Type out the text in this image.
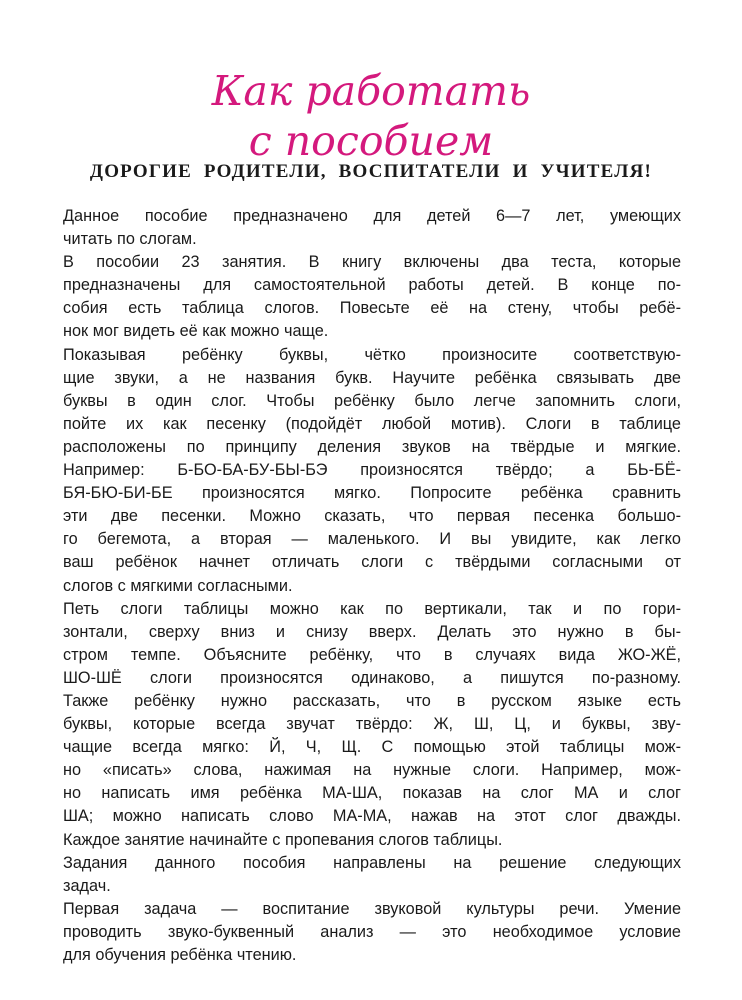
Как работать
с пособием
ДОРОГИЕ РОДИТЕЛИ, ВОСПИТАТЕЛИ И УЧИТЕЛЯ!
Данное пособие предназначено для детей 6—7 лет, умеющих
читать по слогам.
В пособии 23 занятия. В книгу включены два теста, которые
предназначены для самостоятельной работы детей. В конце по-
собия есть таблица слогов. Повесьте её на стену, чтобы ребё-
нок мог видеть её как можно чаще.
Показывая ребёнку буквы, чётко произносите соответствую-
щие звуки, а не названия букв. Научите ребёнка связывать две
буквы в один слог. Чтобы ребёнку было легче запомнить слоги,
пойте их как песенку (подойдёт любой мотив). Слоги в таблице
расположены по принципу деления звуков на твёрдые и мягкие.
Например: Б-БО-БА-БУ-БЫ-БЭ произносятся твёрдо; а БЬ-БЁ-
БЯ-БЮ-БИ-БЕ произносятся мягко. Попросите ребёнка сравнить
эти две песенки. Можно сказать, что первая песенка большо-
го бегемота, а вторая — маленького. И вы увидите, как легко
ваш ребёнок начнет отличать слоги с твёрдыми согласными от
слогов с мягкими согласными.
Петь слоги таблицы можно как по вертикали, так и по гори-
зонтали, сверху вниз и снизу вверх. Делать это нужно в бы-
стром темпе. Объясните ребёнку, что в случаях вида ЖО-ЖЁ,
ШО-ШЁ слоги произносятся одинаково, а пишутся по-разному.
Также ребёнку нужно рассказать, что в русском языке есть
буквы, которые всегда звучат твёрдо: Ж, Ш, Ц, и буквы, зву-
чащие всегда мягко: Й, Ч, Щ. С помощью этой таблицы мож-
но «писать» слова, нажимая на нужные слоги. Например, мож-
но написать имя ребёнка МА-ША, показав на слог МА и слог
ША; можно написать слово МА-МА, нажав на этот слог дважды.
Каждое занятие начинайте с пропевания слогов таблицы.
Задания данного пособия направлены на решение следующих
задач.
Первая задача — воспитание звуковой культуры речи. Умение
проводить звуко-буквенный анализ — это необходимое условие
для обучения ребёнка чтению.
